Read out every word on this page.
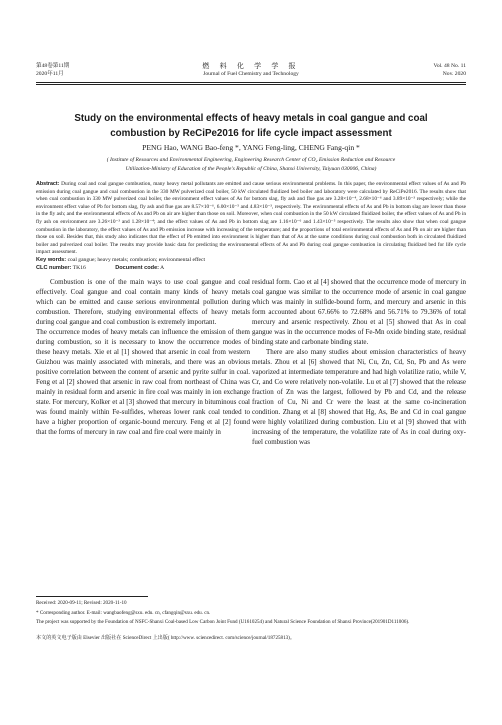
第48卷第11期
2020年11月
燃 料 化 学 学 报
Journal of Fuel Chemistry and Technology
Vol. 48 No. 11
Nov. 2020
Study on the environmental effects of heavy metals in coal gangue and coal
combustion by ReCiPe2016 for life cycle impact assessment
PENG Hao, WANG Bao-feng *, YANG Feng-ling, CHENG Fang-qin *
( Institute of Resources and Environmental Engineering, Engineering Research Center of CO₂ Emission Reduction and Resource
Utilization-Ministry of Education of the People's Republic of China, Shanxi University, Taiyuan 030006, China)
Abstract: During coal and coal gangue combustion, many heavy metal pollutants are emitted and cause serious environmental problems. In this paper, the environmental effect values of As and Pb emission during coal gangue and coal combustion in the 330 MW pulverized coal boiler, 50 kW circulated fluidized bed boiler and laboratory were calculated by ReCiPe2016. The results show that when coal combustion in 330 MW pulverized coal boiler, the environment effect values of As for bottom slag, fly ash and flue gas are 3.28×10⁻⁴, 2.68×10⁻⁶ and 3.89×10⁻³ respectively; while the environment effect value of Pb for bottom slag, fly ash and flue gas are 8.57×10⁻⁶, 6.00×10⁻⁵ and 4.83×10⁻³, respectively. The environmental effects of As and Pb in bottom slag are lower than those in the fly ash; and the environmental effects of As and Pb on air are higher than those on soil. Moreover, when coal combustion in the 50 kW circulated fluidized boiler, the effect values of As and Pb in fly ash on environment are 3.26×10⁻³ and 1.28×10⁻⁴; and the effect values of As and Pb in bottom slag are 1.16×10⁻⁶ and 1.43×10⁻⁵ respectively. The results also show that when coal gangue combustion in the laboratory, the effect values of As and Pb emission increase with increasing of the temperature; and the proportions of total environmental effects of As and Pb on air are higher than those on soil. Besides that, this study also indicates that the effect of Pb emitted into environment is higher than that of As at the same conditions during coal combustion both in circulated fluidized boiler and pulverized coal boiler. The results may provide basic data for predicting the environmental effects of As and Pb during coal gangue combustion in circulating fluidized bed for life cycle impact assessment.
Key words: coal gangue; heavy metals; combustion; environmental effect
CLC number: TK16	Document code: A

Combustion is one of the main ways to use coal gangue and coal effectively. Coal gangue and coal contain many kinds of heavy metals which can be emitted and cause serious environmental pollution during combustion. Therefore, studying environmental effects of heavy metals during coal gangue and coal combustion is extremely important.

The occurrence modes of heavy metals can influence the emission of them during combustion, so it is necessary to know the occurrence modes of these heavy metals. Xie et al [1] showed that arsenic in coal from western Guizhou was mainly associated with minerals, and there was an obvious positive correlation between the content of arsenic and pyrite sulfur in coal. Feng et al [2] showed that arsenic in raw coal from northeast of China was mainly in residual form and arsenic in fire coal was mainly in ion exchange state. For mercury, Kolker et al [3] showed that mercury in bituminous coal was found mainly within Fe-sulfides, whereas lower rank coal tended to have a higher proportion of organic-bound mercury. Feng et al [2] found that the forms of mercury in raw coal and fire coal were mainly in

residual form. Cao et al [4] showed that the occurrence mode of mercury in coal gangue was similar to the occurrence mode of arsenic in coal gangue which was mainly in sulfide-bound form, and mercury and arsenic in this form accounted about 67.66% to 72.68% and 56.71% to 79.36% of total mercury and arsenic respectively. Zhou et al [5] showed that As in coal gangue was in the occurrence modes of Fe-Mn oxide binding state, residual binding state and carbonate binding state.

There are also many studies about emission characteristics of heavy metals. Zhou et al [6] showed that Ni, Cu, Zn, Cd, Sn, Pb and As were vaporized at intermediate temperature and had high volatilize ratio, while V, Cr, and Co were relatively non-volatile. Lu et al [7] showed that the release fraction of Zn was the largest, followed by Pb and Cd, and the release fraction of Cu, Ni and Cr were the least at the same co-incineration condition. Zhang et al [8] showed that Hg, As, Be and Cd in coal gangue were highly volatilized during combustion. Liu et al [9] showed that with increasing of the temperature, the volatilize rate of As in coal during oxy-fuel combustion was

Received: 2020-09-11; Revised: 2020-11-10
* Corresponding author. E-mail: wangbaofeng@sxu. edu. cn, cfangqin@sxu. edu. cn.
The project was supported by the Foundation of NSFC-Shanxi Coal-based Low Carbon Joint Fund (U1610254) and Natural Science Foundation of Shanxi Province(201901D111006).
本文的英文电子版由 Elsevier 出版社在 ScienceDirect 上出版( http://www. sciencedirect. com/science/journal/18725813)。
